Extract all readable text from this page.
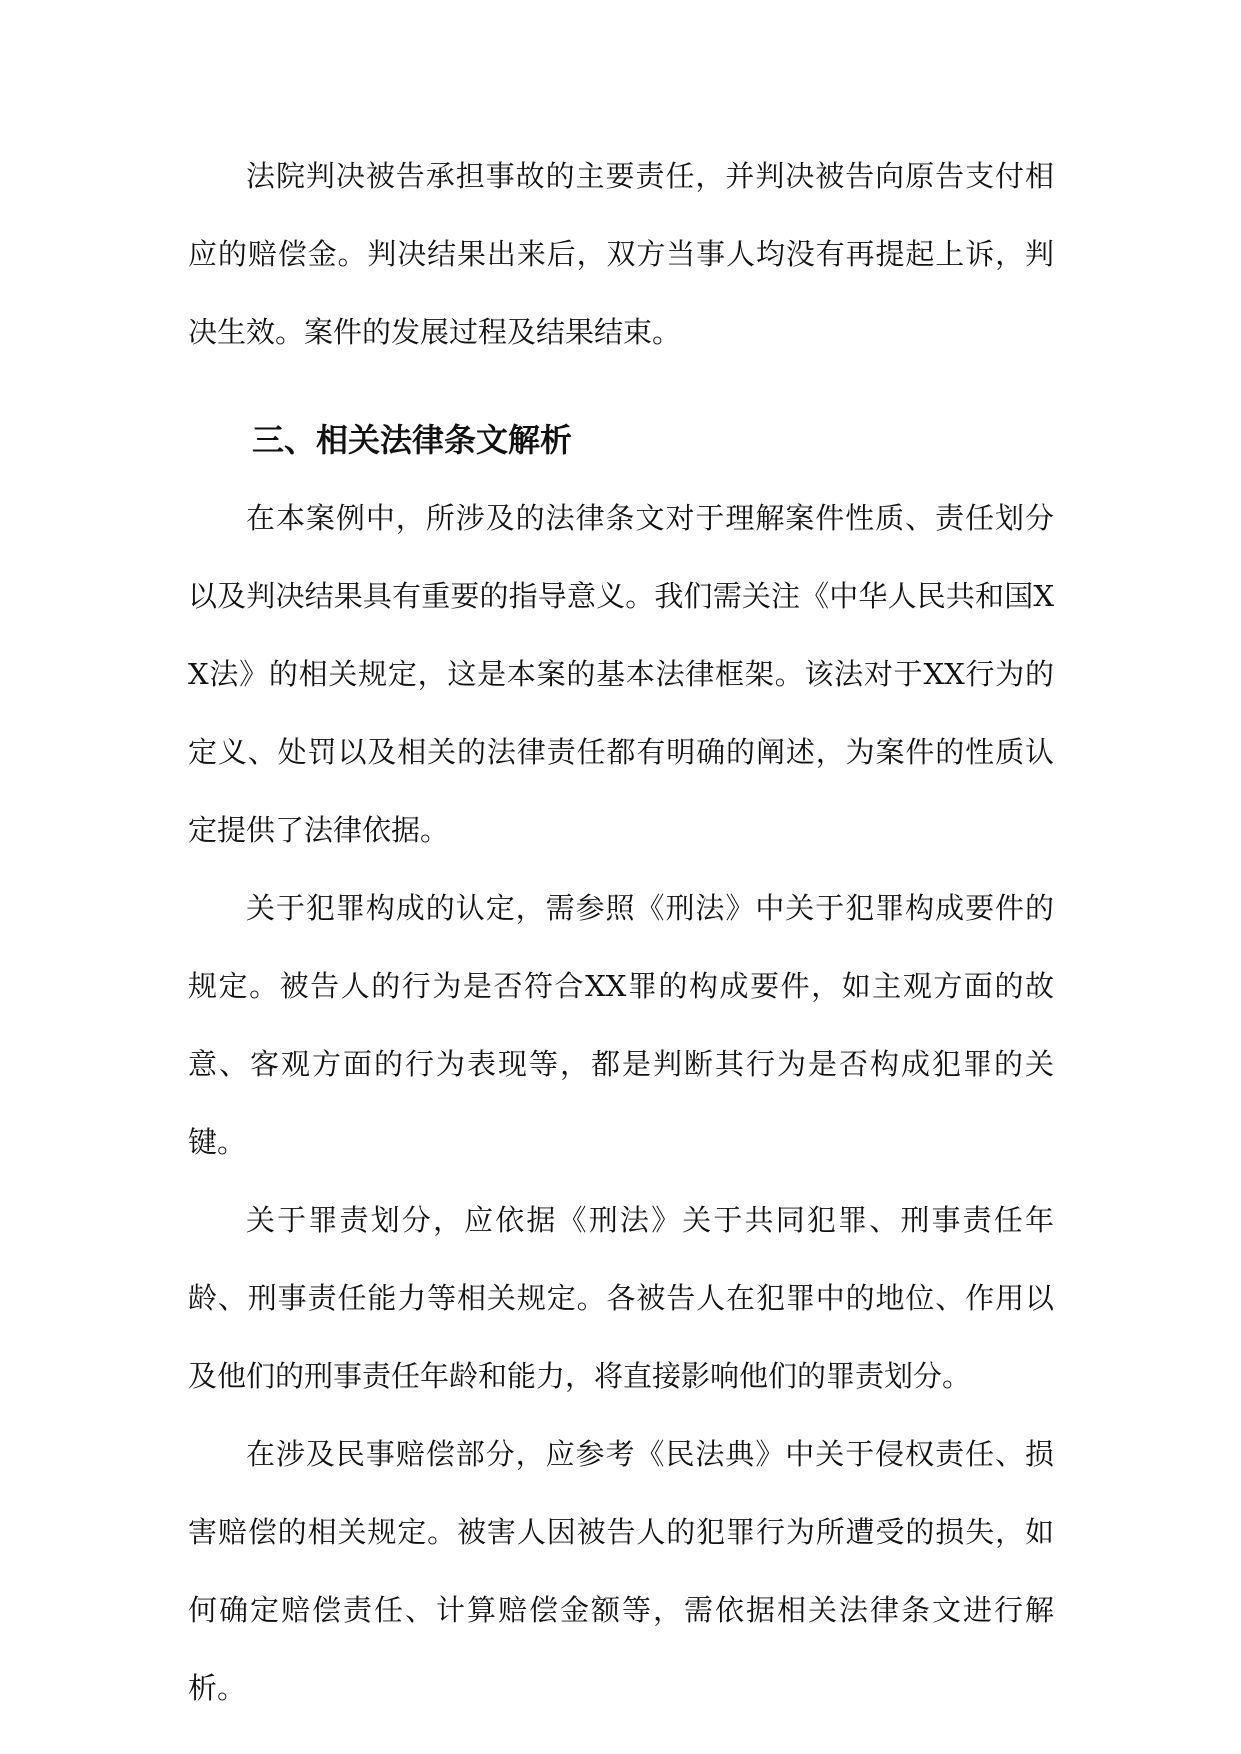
法院判决被告承担事故的主要责任，并判决被告向原告支付相应的赔偿金。判决结果出来后，双方当事人均没有再提起上诉，判决生效。案件的发展过程及结果结束。

三、相关法律条文解析

在本案例中，所涉及的法律条文对于理解案件性质、责任划分以及判决结果具有重要的指导意义。我们需关注《中华人民共和国XX法》的相关规定，这是本案的基本法律框架。该法对于XX行为的定义、处罚以及相关的法律责任都有明确的阐述，为案件的性质认定提供了法律依据。

关于犯罪构成的认定，需参照《刑法》中关于犯罪构成要件的规定。被告人的行为是否符合XX罪的构成要件，如主观方面的故意、客观方面的行为表现等，都是判断其行为是否构成犯罪的关键。

关于罪责划分，应依据《刑法》关于共同犯罪、刑事责任年龄、刑事责任能力等相关规定。各被告人在犯罪中的地位、作用以及他们的刑事责任年龄和能力，将直接影响他们的罪责划分。

在涉及民事赔偿部分，应参考《民法典》中关于侵权责任、损害赔偿的相关规定。被害人因被告人的犯罪行为所遭受的损失，如何确定赔偿责任、计算赔偿金额等，需依据相关法律条文进行解析。
